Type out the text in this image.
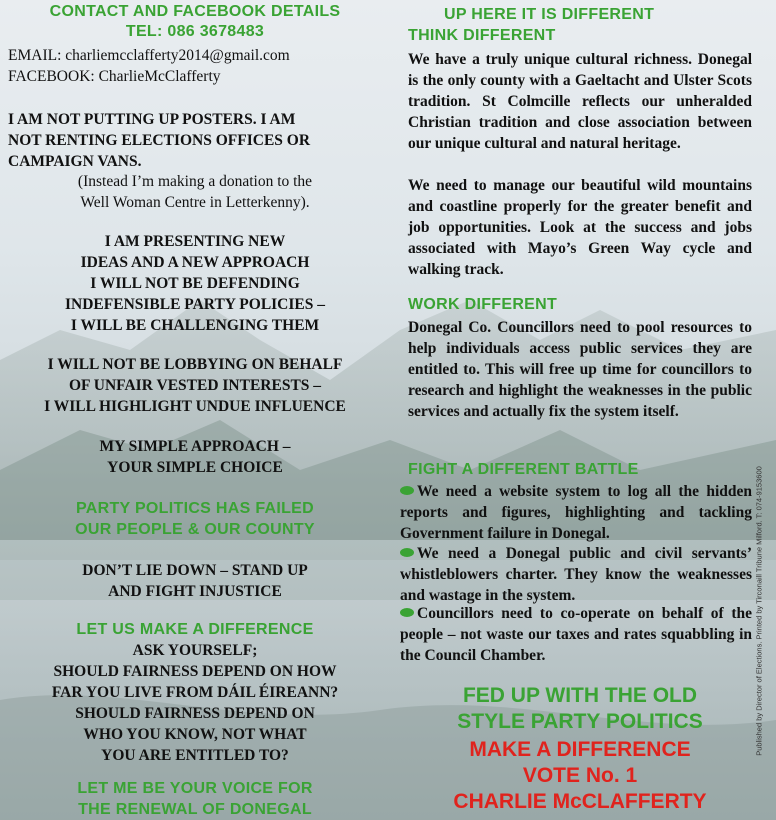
CONTACT AND FACEBOOK DETAILS
TEL: 086 3678483
EMAIL: charliemcclafferty2014@gmail.com
FACEBOOK: CharlieMcClafferty
I AM NOT PUTTING UP POSTERS. I AM
NOT RENTING ELECTIONS OFFICES OR
CAMPAIGN VANS.
(Instead I’m making a donation to the
Well Woman Centre in Letterkenny).
I AM PRESENTING NEW
IDEAS AND A NEW APPROACH
I WILL NOT BE DEFENDING
INDEFENSIBLE PARTY POLICIES –
I WILL BE CHALLENGING THEM
I WILL NOT BE LOBBYING ON BEHALF
OF UNFAIR VESTED INTERESTS –
I WILL HIGHLIGHT UNDUE INFLUENCE
MY SIMPLE APPROACH –
YOUR SIMPLE CHOICE
PARTY POLITICS HAS FAILED
OUR PEOPLE & OUR COUNTY
DON’T LIE DOWN – STAND UP
AND FIGHT INJUSTICE
LET US MAKE A DIFFERENCE
ASK YOURSELF;
SHOULD FAIRNESS DEPEND ON HOW
FAR YOU LIVE FROM DÁIL ÉIREANN?
SHOULD FAIRNESS DEPEND ON
WHO YOU KNOW, NOT WHAT
YOU ARE ENTITLED TO?
LET ME BE YOUR VOICE FOR
THE RENEWAL OF DONEGAL
UP HERE IT IS DIFFERENT
THINK DIFFERENT
We have a truly unique cultural richness. Donegal is the only county with a Gaeltacht and Ulster Scots tradition. St Colmcille reflects our unheralded Christian tradition and close association between our unique cultural and natural heritage.
We need to manage our beautiful wild mountains and coastline properly for the greater benefit and job opportunities. Look at the success and jobs associated with Mayo’s Green Way cycle and walking track.
WORK DIFFERENT
Donegal Co. Councillors need to pool resources to help individuals access public services they are entitled to. This will free up time for councillors to research and highlight the weaknesses in the public services and actually fix the system itself.
FIGHT A DIFFERENT BATTLE
We need a website system to log all the hidden reports and figures, highlighting and tackling Government failure in Donegal.
We need a Donegal public and civil servants’ whistleblowers charter. They know the weaknesses and wastage in the system.
Councillors need to co-operate on behalf of the people – not waste our taxes and rates squabbling in the Council Chamber.
FED UP WITH THE OLD
STYLE PARTY POLITICS
MAKE A DIFFERENCE
VOTE No. 1
CHARLIE McCLAFFERTY
Published by Director of Elections. Printed by Tirconaill Tribune Milford. T: 074-9153600
